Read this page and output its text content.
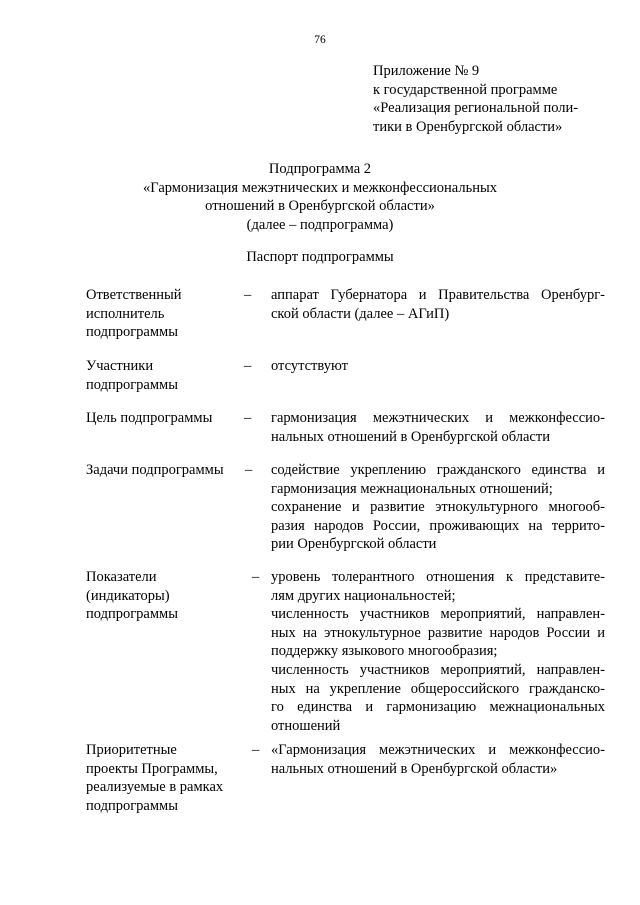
76
Приложение № 9
к государственной программе
«Реализация региональной поли-
тики в Оренбургской области»
Подпрограмма 2
«Гармонизация межэтнических и межконфессиональных
отношений в Оренбургской области»
(далее – подпрограмма)
Паспорт подпрограммы
Ответственный
исполнитель
подпрограммы
– аппарат Губернатора и Правительства Оренбург-
ской области (далее – АГиП)
Участники
подпрограммы
– отсутствуют
Цель подпрограммы	– гармонизация межэтнических и межконфессио-
нальных отношений в Оренбургской области
Задачи подпрограммы	– содействие укреплению гражданского единства и
гармонизация межнациональных отношений;
сохранение и развитие этнокультурного многооб-
разия народов России, проживающих на террито-
рии Оренбургской области
Показатели
(индикаторы)
подпрограммы
– уровень толерантного отношения к представите-
лям других национальностей;
численность участников мероприятий, направлен-
ных на этнокультурное развитие народов России и
поддержку языкового многообразия;
численность участников мероприятий, направлен-
ных на укрепление общероссийского гражданско-
го единства и гармонизацию межнациональных
отношений
Приоритетные
проекты Программы,
реализуемые в рамках
подпрограммы
– «Гармонизация межэтнических и межконфессио-
нальных отношений в Оренбургской области»
